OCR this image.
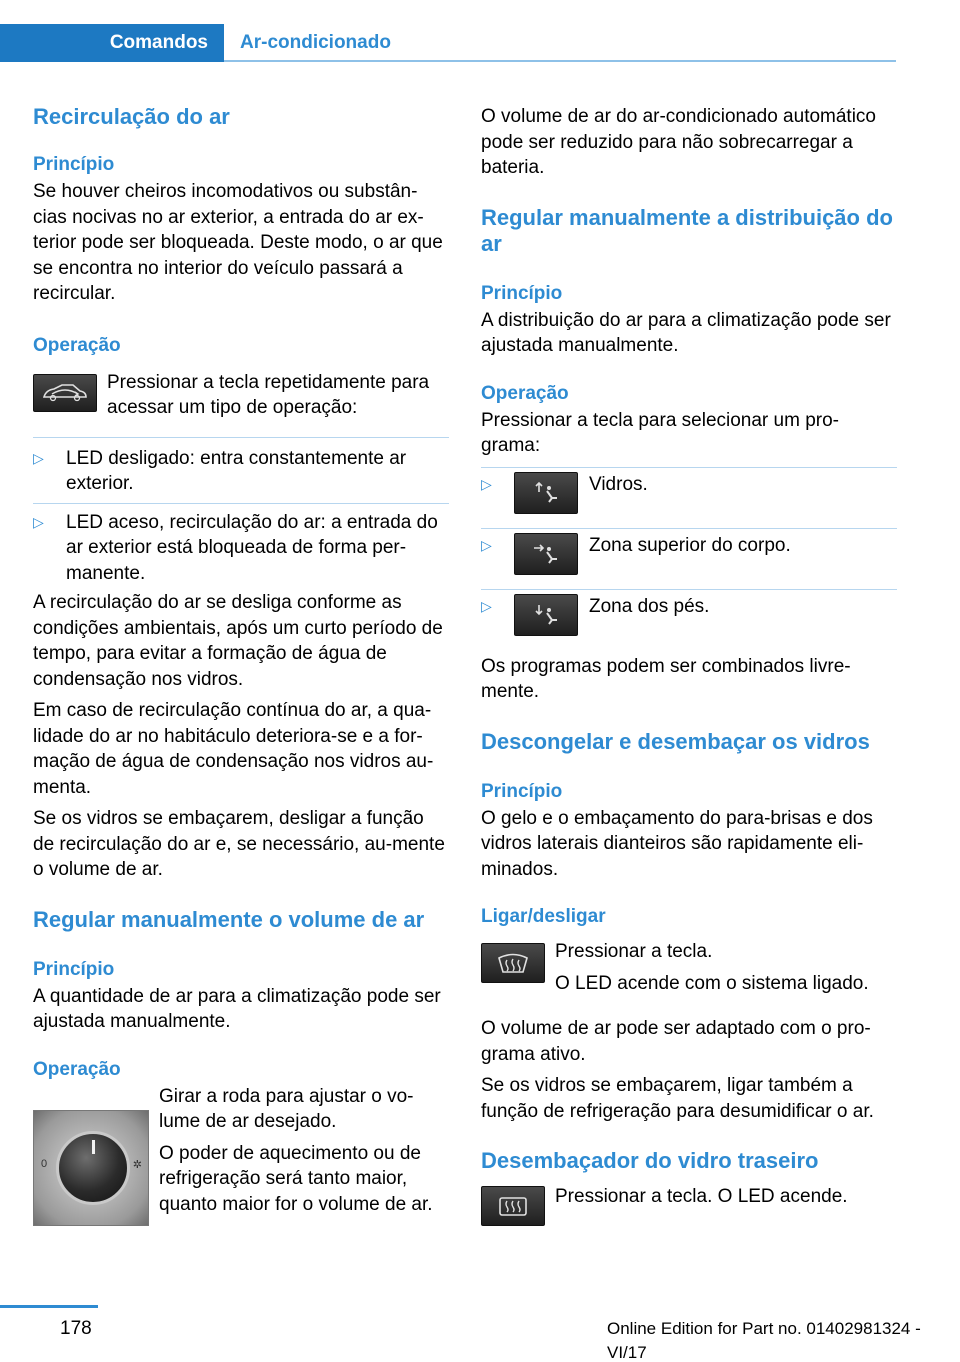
Comandos	Ar-condicionado
Recirculação do ar
Princípio
Se houver cheiros incomodativos ou substân-cias nocivas no ar exterior, a entrada do ar ex-terior pode ser bloqueada. Deste modo, o ar que se encontra no interior do veículo passará a recircular.
Operação
Pressionar a tecla repetidamente para acessar um tipo de operação:
▷ LED desligado: entra constantemente ar exterior.
▷ LED aceso, recirculação do ar: a entrada do ar exterior está bloqueada de forma per-manente.
A recirculação do ar se desliga conforme as condições ambientais, após um curto período de tempo, para evitar a formação de água de condensação nos vidros.
Em caso de recirculação contínua do ar, a qua-lidade do ar no habitáculo deteriora-se e a for-mação de água de condensação nos vidros au-menta.
Se os vidros se embaçarem, desligar a função de recirculação do ar e, se necessário, au-mente o volume de ar.
Regular manualmente o volume de ar
Princípio
A quantidade de ar para a climatização pode ser ajustada manualmente.
Operação
0	✲
Girar a roda para ajustar o vo-lume de ar desejado.
O poder de aquecimento ou de refrigeração será tanto maior, quanto maior for o volume de ar.
O volume de ar do ar-condicionado automático pode ser reduzido para não sobrecarregar a bateria.
Regular manualmente a distribuição do ar
Princípio
A distribuição do ar para a climatização pode ser ajustada manualmente.
Operação
Pressionar a tecla para selecionar um pro-grama:
▷	Vidros.
▷	Zona superior do corpo.
▷	Zona dos pés.
Os programas podem ser combinados livre-mente.
Descongelar e desembaçar os vidros
Princípio
O gelo e o embaçamento do para-brisas e dos vidros laterais dianteiros são rapidamente eli-minados.
Ligar/desligar
Pressionar a tecla.
O LED acende com o sistema ligado.
O volume de ar pode ser adaptado com o pro-grama ativo.
Se os vidros se embaçarem, ligar também a função de refrigeração para desumidificar o ar.
Desembaçador do vidro traseiro
Pressionar a tecla. O LED acende.
178	Online Edition for Part no. 01402981324 - VI/17
